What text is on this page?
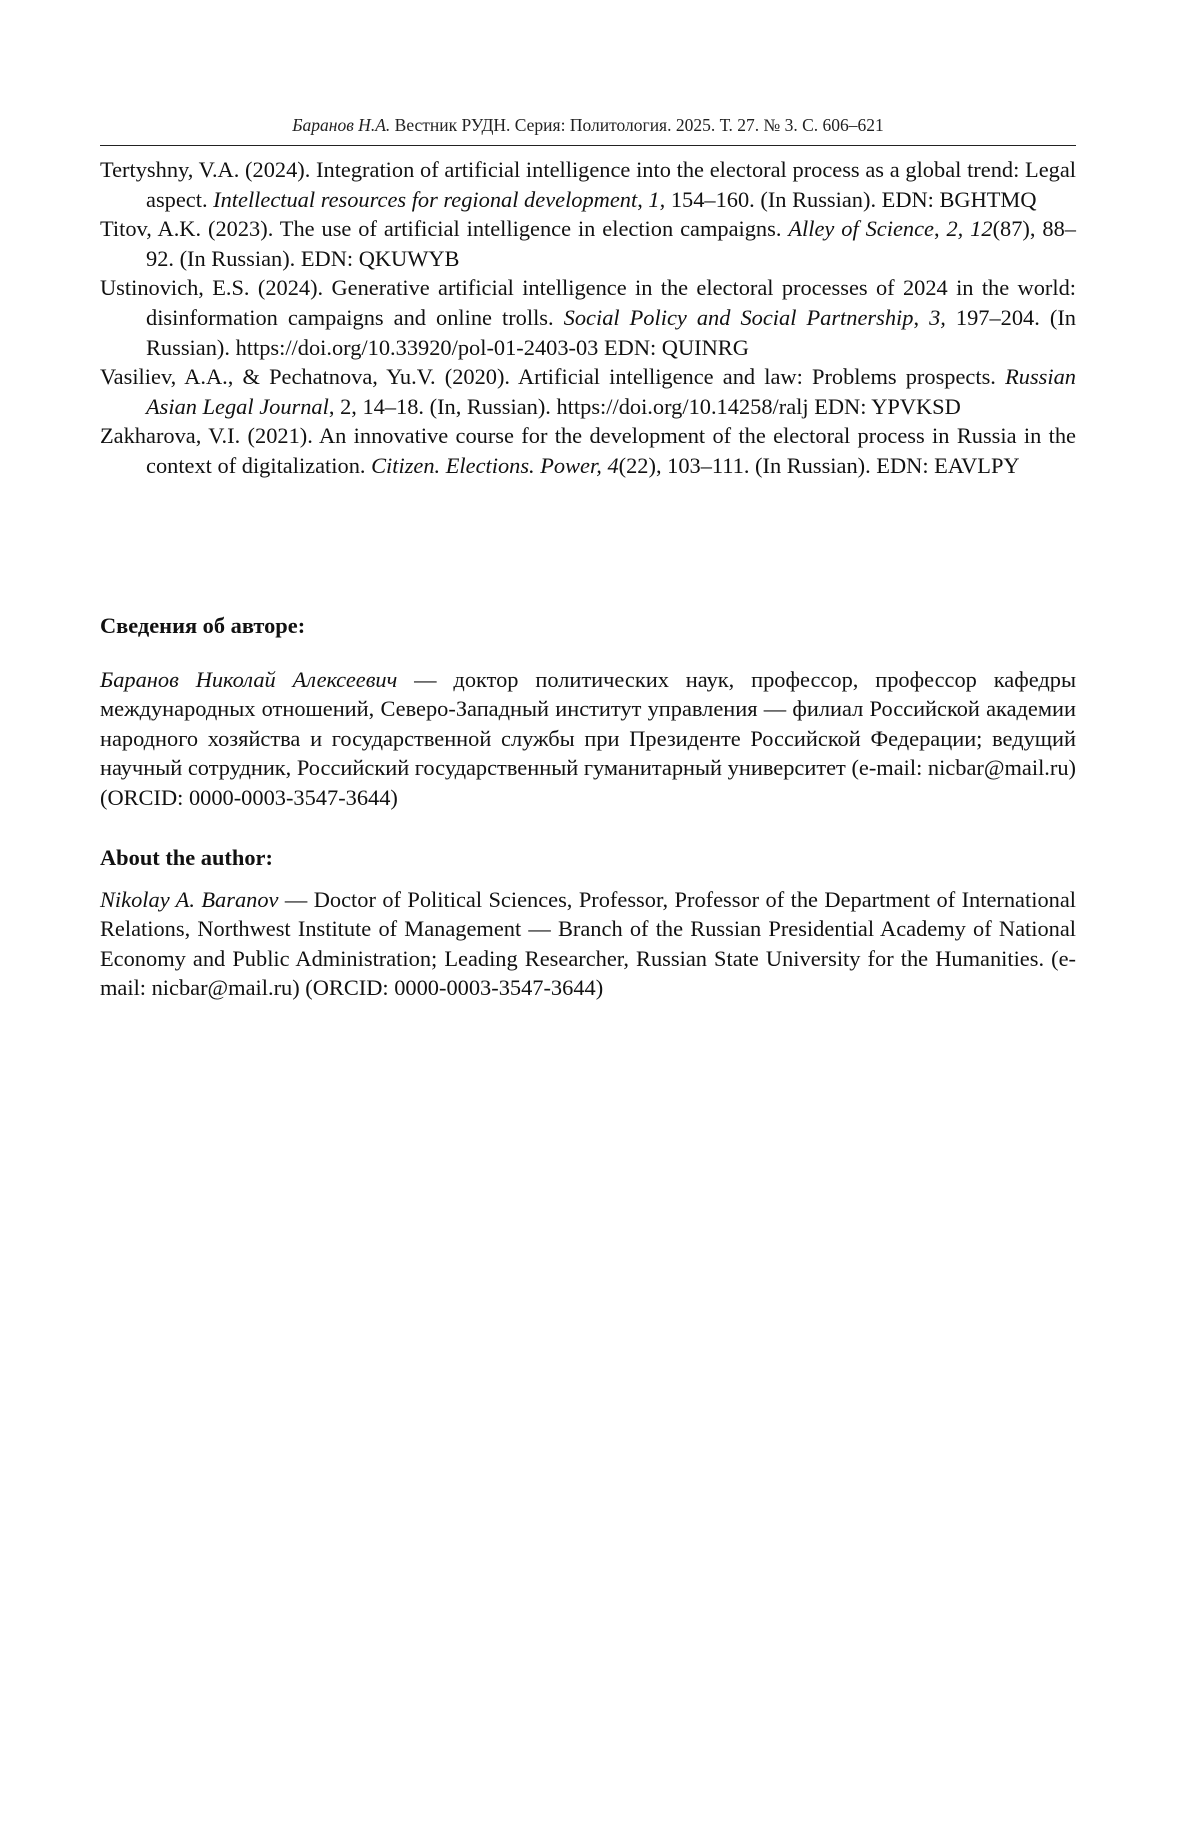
Баранов Н.А. Вестник РУДН. Серия: Политология. 2025. Т. 27. № 3. С. 606–621

Tertyshny, V.A. (2024). Integration of artificial intelligence into the electoral process as a global trend: Legal aspect. Intellectual resources for regional development, 1, 154–160. (In Russian). EDN: BGHTMQ

Titov, A.K. (2023). The use of artificial intelligence in election campaigns. Alley of Science, 2, 12(87), 88–92. (In Russian). EDN: QKUWYB

Ustinovich, E.S. (2024). Generative artificial intelligence in the electoral processes of 2024 in the world: disinformation campaigns and online trolls. Social Policy and Social Partnership, 3, 197–204. (In Russian). https://doi.org/10.33920/pol-01-2403-03 EDN: QUINRG

Vasiliev, A.A., & Pechatnova, Yu.V. (2020). Artificial intelligence and law: Problems prospects. Russian Asian Legal Journal, 2, 14–18. (In, Russian). https://doi.org/10.14258/ralj EDN: YPVKSD

Zakharova, V.I. (2021). An innovative course for the development of the electoral process in Russia in the context of digitalization. Citizen. Elections. Power, 4(22), 103–111. (In Russian). EDN: EAVLPY

Сведения об авторе:

Баранов Николай Алексеевич — доктор политических наук, профессор, профессор кафедры международных отношений, Северо-Западный институт управления — филиал Российской академии народного хозяйства и государственной службы при Президенте Российской Федерации; ведущий научный сотрудник, Российский государственный гуманитарный университет (e-mail: nicbar@mail.ru) (ORCID: 0000-0003-3547-3644)

About the author:

Nikolay A. Baranov — Doctor of Political Sciences, Professor, Professor of the Department of International Relations, Northwest Institute of Management — Branch of the Russian Presidential Academy of National Economy and Public Administration; Leading Researcher, Russian State University for the Humanities. (e-mail: nicbar@mail.ru) (ORCID: 0000-0003-3547-3644)
